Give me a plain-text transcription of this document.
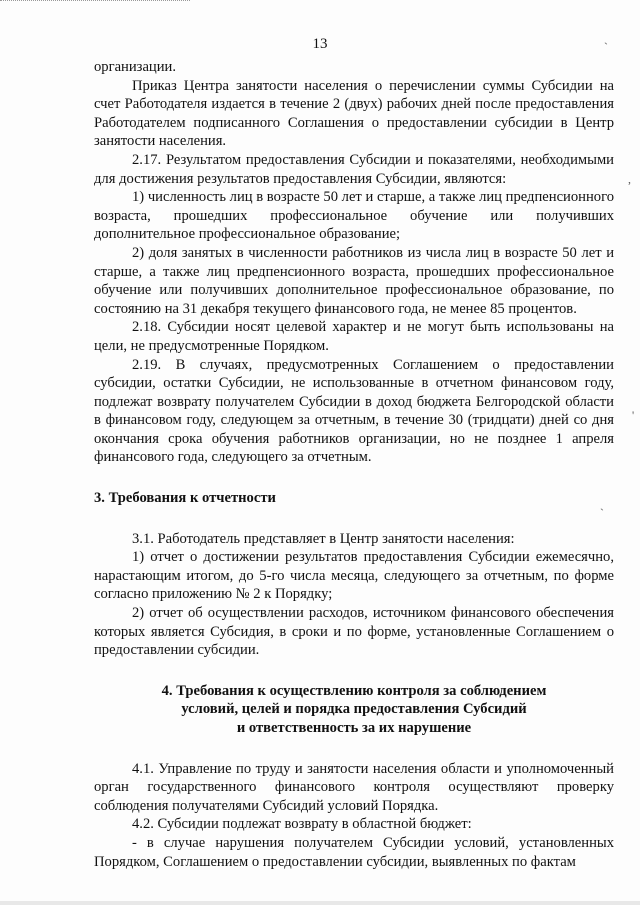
13	ˋ
,
'
ˋ

организации.

Приказ Центра занятости населения о перечислении суммы Субсидии на счет Работодателя издается в течение 2 (двух) рабочих дней после предоставления Работодателем подписанного Соглашения о предоставлении субсидии в Центр занятости населения.

2.17. Результатом предоставления Субсидии и показателями, необходимыми для достижения результатов предоставления Субсидии, являются:

1) численность лиц в возрасте 50 лет и старше, а также лиц предпенсионного возраста, прошедших профессиональное обучение или получивших дополнительное профессиональное образование;

2) доля занятых в численности работников из числа лиц в возрасте 50 лет и старше, а также лиц предпенсионного возраста, прошедших профессиональное обучение или получивших дополнительное профессиональное образование, по состоянию на 31 декабря текущего финансового года, не менее 85 процентов.

2.18. Субсидии носят целевой характер и не могут быть использованы на цели, не предусмотренные Порядком.

2.19. В случаях, предусмотренных Соглашением о предоставлении субсидии, остатки Субсидии, не использованные в отчетном финансовом году, подлежат возврату получателем Субсидии в доход бюджета Белгородской области в финансовом году, следующем за отчетным, в течение 30 (тридцати) дней со дня окончания срока обучения работников организации, но не позднее 1 апреля финансового года, следующего за отчетным.

3. Требования к отчетности

3.1. Работодатель представляет в Центр занятости населения:

1) отчет о достижении результатов предоставления Субсидии ежемесячно, нарастающим итогом, до 5-го числа месяца, следующего за отчетным, по форме согласно приложению № 2 к Порядку;

2) отчет об осуществлении расходов, источником финансового обеспечения которых является Субсидия, в сроки и по форме, установленные Соглашением о предоставлении субсидии.

4. Требования к осуществлению контроля за соблюдением
условий, целей и порядка предоставления Субсидий
и ответственность за их нарушение

4.1. Управление по труду и занятости населения области и уполномоченный орган государственного финансового контроля осуществляют проверку соблюдения получателями Субсидий условий Порядка.

4.2. Субсидии подлежат возврату в областной бюджет:

- в случае нарушения получателем Субсидии условий, установленных Порядком, Соглашением о предоставлении субсидии, выявленных по фактам
